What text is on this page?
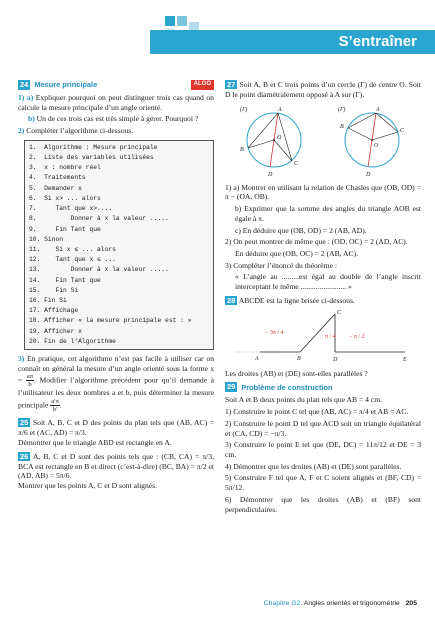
S’entraîner
24 Mesure principale	ALGO
1) a) Expliquer pourquoi on peut distinguer trois cas quand on calcule la mesure principale d’un angle orienté.
b) Un de ces trois cas est très simple à gérer. Pourquoi ?
2) Compléter l’algorithme ci-dessous.
1.  Algorithme : Mesure principale
2.  Liste des variables utilisées
3.  x : nombre réel
4.  Traitements
5.  Demander x
6.  Si x> ... alors
7.     Tant que x>....
8.         Donner à x la valeur .....
9.     Fin Tant que
10. Sinon
11.    Si x ≤ ... alors
12.    Tant que x ≤ ...
13.        Donner à x la valeur .....
14.    Fin Tant que
15.    Fin Si
16. Fin Si
17. Affichage
18. Afficher « la mesure principale est : »
19. Afficher x
20. Fin de l’Algorithme
3) En pratique, cet algorithme n’est pas facile à utiliser car on connaît en général la mesure d’un angle orienté sous la forme $x = \frac{a\pi}{b}$ . Modifier l’algorithme précédent pour qu’il demande à l’utilisateur les deux nombres a et b, puis déterminer la mesure principale $\frac{a'\pi}{b'}$ .
25 Soit A, B, C et D des points du plan tels que (AB, AC) = π/6 et (AC, AD) = π/3.
Démontrer que le triangle ABD est rectangle en A.
26 A, B, C et D sont des points tels que : (CB, CA) = π/3, BCA est rectangle en B et direct (c’est-à-dire) (BC, BA) = π/2 et (AD, AB) = 5π/6.
Montrer que les points A, C et D sont alignés.
27 Soit A, B et C trois points d’un cercle (Γ) de centre O. Soit D le point diamétralement opposé à A sur (Γ).
(Γ)	A
B
C
D
O
(Γ)	A
B
C
D
O
1) a) Montrer en utilisant la relation de Chasles que (OB, OD) = π − (OA, OB).
b) Exprimer que la somme des angles du triangle AOB est égale à π.
c) En déduire que (OB, OD) = 2 (AB, AD).
2) On peut montrer de même que : (OD, OC) = 2 (AD, AC).
En déduire que (OB, OC) = 2 (AB, AC).
3) Compléter l’énoncé du théorème :
« L’angle au .........est égal au double de l’angle inscrit interceptant le même ........................ »
28 ABCDE est la ligne brisée ci-dessous.
A	B
C
D	E
− 3π / 4
π / 4 − π / 2
Les droites (AB) et (DE) sont-elles parallèles ?
29 Problème de construction
Soit A et B deux points du plan tels que AB = 4 cm.
1) Construire le point C tel que (AB, AC) = π/4 et AB = AC.
2) Construire le point D tel que ACD soit un triangle équilatéral et (CA, CD) = −π/3.
3) Construire le point E tel que (DE, DC) = 11π/12 et DE = 3 cm.
4) Démontrer que les droites (AB) et (DE) sont parallèles.
5) Construire F tel que A, F et C soient alignés et (BF, CD) = 5π/12.
6) Démontrer que les droites (AB) et (BF) sont perpendiculaires.
Chapitre G2. Angles orientés et trigonométrie 205
